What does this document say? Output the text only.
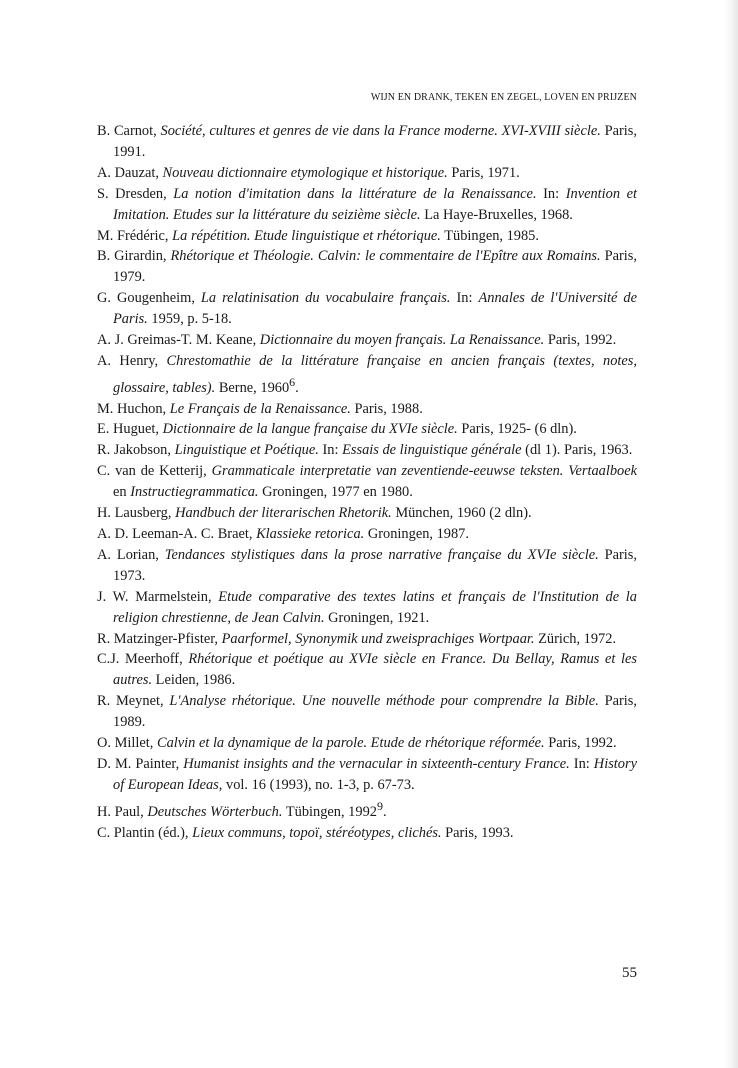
WIJN EN DRANK, TEKEN EN ZEGEL, LOVEN EN PRIJZEN
B. Carnot, Société, cultures et genres de vie dans la France moderne. XVI-XVIII siècle. Paris, 1991.
A. Dauzat, Nouveau dictionnaire etymologique et historique. Paris, 1971.
S. Dresden, La notion d'imitation dans la littérature de la Renaissance. In: Invention et Imitation. Etudes sur la littérature du seizième siècle. La Haye-Bruxelles, 1968.
M. Frédéric, La répétition. Etude linguistique et rhétorique. Tübingen, 1985.
B. Girardin, Rhétorique et Théologie. Calvin: le commentaire de l'Epître aux Romains. Paris, 1979.
G. Gougenheim, La relatinisation du vocabulaire français. In: Annales de l'Université de Paris. 1959, p. 5-18.
A. J. Greimas-T. M. Keane, Dictionnaire du moyen français. La Renaissance. Paris, 1992.
A. Henry, Chrestomathie de la littérature française en ancien français (textes, notes, glossaire, tables). Berne, 1960$^6$.
M. Huchon, Le Français de la Renaissance. Paris, 1988.
E. Huguet, Dictionnaire de la langue française du XVIe siècle. Paris, 1925- (6 dln).
R. Jakobson, Linguistique et Poétique. In: Essais de linguistique générale (dl 1). Paris, 1963.
C. van de Ketterij, Grammaticale interpretatie van zeventiende-eeuwse teksten. Vertaalboek en Instructiegrammatica. Groningen, 1977 en 1980.
H. Lausberg, Handbuch der literarischen Rhetorik. München, 1960 (2 dln).
A. D. Leeman-A. C. Braet, Klassieke retorica. Groningen, 1987.
A. Lorian, Tendances stylistiques dans la prose narrative française du XVIe siècle. Paris, 1973.
J. W. Marmelstein, Etude comparative des textes latins et français de l'Institution de la religion chrestienne, de Jean Calvin. Groningen, 1921.
R. Matzinger-Pfister, Paarformel, Synonymik und zweisprachiges Wortpaar. Zürich, 1972.
C.J. Meerhoff, Rhétorique et poétique au XVIe siècle en France. Du Bellay, Ramus et les autres. Leiden, 1986.
R. Meynet, L'Analyse rhétorique. Une nouvelle méthode pour comprendre la Bible. Paris, 1989.
O. Millet, Calvin et la dynamique de la parole. Etude de rhétorique réformée. Paris, 1992.
D. M. Painter, Humanist insights and the vernacular in sixteenth-century France. In: History of European Ideas, vol. 16 (1993), no. 1-3, p. 67-73.
H. Paul, Deutsches Wörterbuch. Tübingen, 1992$^9$.
C. Plantin (éd.), Lieux communs, topoï, stéréotypes, clichés. Paris, 1993.
55
